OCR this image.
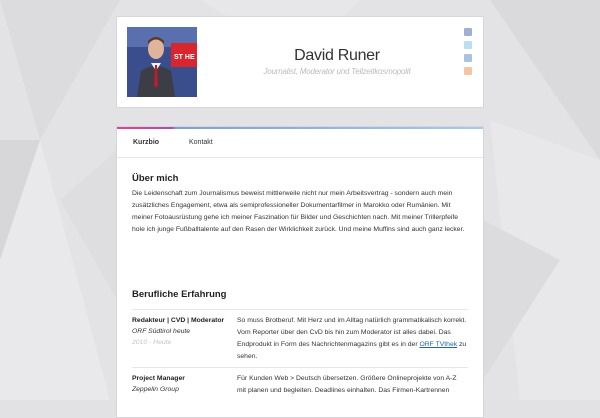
ST HE	David Runer
Journalist, Moderator und Teilzeitkosmopolit
Kurzbio	Kontakt
Über mich

Die Leidenschaft zum Journalismus beweist mittlerweile nicht nur mein Arbeitsvertrag - sondern auch mein zusätzliches Engagement, etwa als semiprofessioneller Dokumentarfilmer in Marokko oder Rumänien. Mit meiner Fotoausrüstung gehe ich meiner Faszination für Bilder und Geschichten nach. Mit meiner Trillerpfeife hole ich junge Fußballtalente auf den Rasen der Wirklichkeit zurück. Und meine Muffins sind auch ganz lecker.

Berufliche Erfahrung
Redakteur | CVD | Moderator
ORF Südtirol heute
2010 - Heute
So muss Brotberuf. Mit Herz und im Alltag natürlich grammatikalisch korrekt. Vom Reporter über den CvD bis hin zum Moderator ist alles dabei. Das Endprodukt in Form des Nachrichtenmagazins gibt es in der ORF TVthek zu sehen.
Project Manager
Zeppelin Group
Für Kunden Web > Deutsch übersetzen. Größere Onlineprojekte von A-Z mit planen und begleiten. Deadlines einhalten. Das Firmen-Kartrennen
